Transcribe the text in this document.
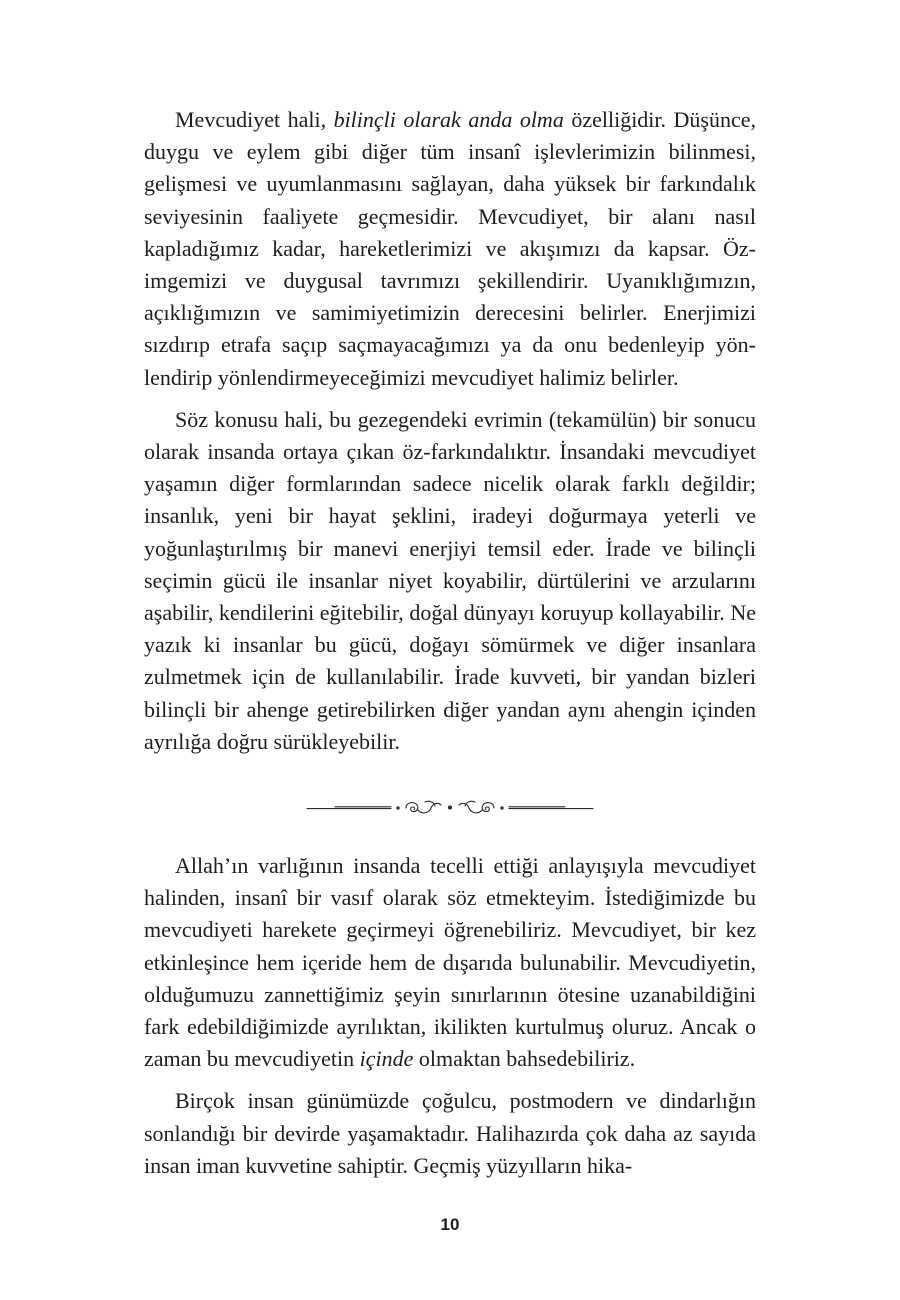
Mevcudiyet hali, bilinçli olarak anda olma özelliğidir. Düşünce, duygu ve eylem gibi diğer tüm insanî işlevlerimizin bilinmesi, gelişmesi ve uyumlanmasını sağlayan, daha yüksek bir farkındalık seviyesinin faaliyete geçmesidir. Mevcudiyet, bir alanı nasıl kapladığımız kadar, hareketlerimizi ve akışımızı da kapsar. Özimgemizi ve duygusal tavrımızı şekillendirir. Uyanıklığımızın, açıklığımızın ve samimiyetimizin derecesini belirler. Enerjimizi sızdırıp etrafa saçıp saçmayacağımızı ya da onu bedenleyip yönlendirip yönlendirmeyeceğimizi mevcudiyet halimiz belirler.

Söz konusu hali, bu gezegendeki evrimin (tekamülün) bir sonucu olarak insanda ortaya çıkan öz-farkındalıktır. İnsandaki mevcudiyet yaşamın diğer formlarından sadece nicelik olarak farklı değildir; insanlık, yeni bir hayat şeklini, iradeyi doğurmaya yeterli ve yoğunlaştırılmış bir manevi enerjiyi temsil eder. İrade ve bilinçli seçimin gücü ile insanlar niyet koyabilir, dürtülerini ve arzularını aşabilir, kendilerini eğitebilir, doğal dünyayı koruyup kollayabilir. Ne yazık ki insanlar bu gücü, doğayı sömürmek ve diğer insanlara zulmetmek için de kullanılabilir. İrade kuvveti, bir yandan bizleri bilinçli bir ahenge getirebilirken diğer yandan aynı ahengin içinden ayrılığa doğru sürükleyebilir.

Allah’ın varlığının insanda tecelli ettiği anlayışıyla mevcudiyet halinden, insanî bir vasıf olarak söz etmekteyim. İstediğimizde bu mevcudiyeti harekete geçirmeyi öğrenebiliriz. Mevcudiyet, bir kez etkinleşince hem içeride hem de dışarıda bulunabilir. Mevcudiyetin, olduğumuzu zannettiğimiz şeyin sınırlarının ötesine uzanabildiğini fark edebildiğimizde ayrılıktan, ikilikten kurtulmuş oluruz. Ancak o zaman bu mevcudiyetin içinde olmaktan bahsedebiliriz.

Birçok insan günümüzde çoğulcu, postmodern ve dindarlığın sonlandığı bir devirde yaşamaktadır. Halihazırda çok daha az sayıda insan iman kuvvetine sahiptir. Geçmiş yüzyılların hika-

10
